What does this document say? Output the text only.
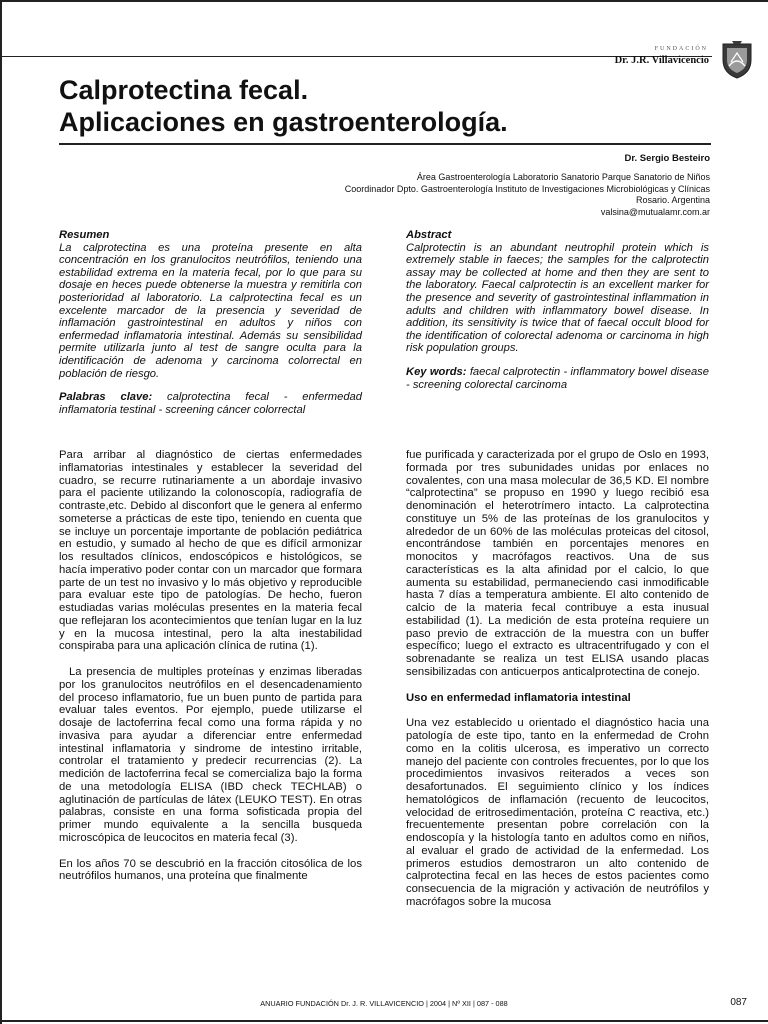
FUNDACIÓN
Dr. J.R. Villavicencio
Calprotectina fecal.
Aplicaciones en gastroenterología.
Dr. Sergio Besteiro
Área Gastroenterología Laboratorio Sanatorio Parque Sanatorio de Niños
Coordinador Dpto. Gastroenterología Instituto de Investigaciones Microbiológicas y Clínicas
Rosario. Argentina
valsina@mutualamr.com.ar
Resumen
La calprotectina es una proteína presente en alta concentración en los granulocitos neutrófilos, teniendo una estabilidad extrema en la materia fecal, por lo que para su dosaje en heces puede obtenerse la muestra y remitirla con posterioridad al laboratorio. La calprotectina fecal es un excelente marcador de la presencia y severidad de inflamación gastrointestinal en adultos y niños con enfermedad inflamatoria intestinal. Además su sensibilidad permite utilizarla junto al test de sangre oculta para la identificación de adenoma y carcinoma colorrectal en población de riesgo.
Palabras clave: calprotectina fecal - enfermedad inflamatoria testinal - screening cáncer colorrectal
Abstract
Calprotectin is an abundant neutrophil protein which is extremely stable in faeces; the samples for the calprotectin assay may be collected at home and then they are sent to the laboratory. Faecal calprotectin is an excellent marker for the presence and severity of gastrointestinal inflammation in adults and children with inflammatory bowel disease. In addition, its sensitivity is twice that of faecal occult blood for the identification of colorectal adenoma or carcinoma in high risk population groups.
Key words: faecal calprotectin - inflammatory bowel disease - screening colorectal carcinoma

Para arribar al diagnóstico de ciertas enfermedades inflamatorias intestinales y establecer la severidad del cuadro, se recurre rutinariamente a un abordaje invasivo para el paciente utilizando la colonoscopía, radiografía de contraste,etc. Debido al disconfort que le genera al enfermo someterse a prácticas de este tipo, teniendo en cuenta que se incluye un porcentaje importante de población pediátrica en estudio, y sumado al hecho de que es difícil armonizar los resultados clínicos, endoscópicos e histológicos, se hacía imperativo poder contar con un marcador que formara parte de un test no invasivo y lo más objetivo y reproducible para evaluar este tipo de patologías. De hecho, fueron estudiadas varias moléculas presentes en la materia fecal que reflejaran los acontecimientos que tenían lugar en la luz y en la mucosa intestinal, pero la alta inestabilidad conspiraba para una aplicación clínica de rutina (1).

La presencia de multiples proteínas y enzimas liberadas por los granulocitos neutrófilos en el desencadenamiento del proceso inflamatorio, fue un buen punto de partida para evaluar tales eventos. Por ejemplo, puede utilizarse el dosaje de lactoferrina fecal como una forma rápida y no invasiva para ayudar a diferenciar entre enfermedad intestinal inflamatoria y sindrome de intestino irritable, controlar el tratamiento y predecir recurrencias (2). La medición de lactoferrina fecal se comercializa bajo la forma de una metodología ELISA (IBD check TECHLAB) o aglutinación de partículas de látex (LEUKO TEST). En otras palabras, consiste en una forma sofisticada propia del primer mundo equivalente a la sencilla busqueda microscópica de leucocitos en materia fecal (3).

En los años 70 se descubrió en la fracción citosólica de los neutrófilos humanos, una proteína que finalmente

fue purificada y caracterizada por el grupo de Oslo en 1993, formada por tres subunidades unidas por enlaces no covalentes, con una masa molecular de 36,5 KD. El nombre “calprotectina” se propuso en 1990 y luego recibió esa denominación el heterotrímero intacto. La calprotectina constituye un 5% de las proteínas de los granulocitos y alrededor de un 60% de las moléculas proteicas del citosol, encontrándose también en porcentajes menores en monocitos y macrófagos reactivos. Una de sus características es la alta afinidad por el calcio, lo que aumenta su estabilidad, permaneciendo casi inmodificable hasta 7 días a temperatura ambiente. El alto contenido de calcio de la materia fecal contribuye a esta inusual estabilidad (1). La medición de esta proteína requiere un paso previo de extracción de la muestra con un buffer específico; luego el extracto es ultracentrifugado y con el sobrenadante se realiza un test ELISA usando placas sensibilizadas con anticuerpos anticalprotectina de conejo.

Uso en enfermedad inflamatoria intestinal

Una vez establecido u orientado el diagnóstico hacia una patología de este tipo, tanto en la enfermedad de Crohn como en la colitis ulcerosa, es imperativo un correcto manejo del paciente con controles frecuentes, por lo que los procedimientos invasivos reiterados a veces son desafortunados. El seguimiento clínico y los índices hematológicos de inflamación (recuento de leucocitos, velocidad de eritrosedimentación, proteína C reactiva, etc.) frecuentemente presentan pobre correlación con la endoscopía y la histología tanto en adultos como en niños, al evaluar el grado de actividad de la enfermedad. Los primeros estudios demostraron un alto contenido de calprotectina fecal en las heces de estos pacientes como consecuencia de la migración y activación de neutrófilos y macrófagos sobre la mucosa

ANUARIO FUNDACIÓN Dr. J. R. VILLAVICENCIO | 2004 | Nº XII | 087 - 088	087
